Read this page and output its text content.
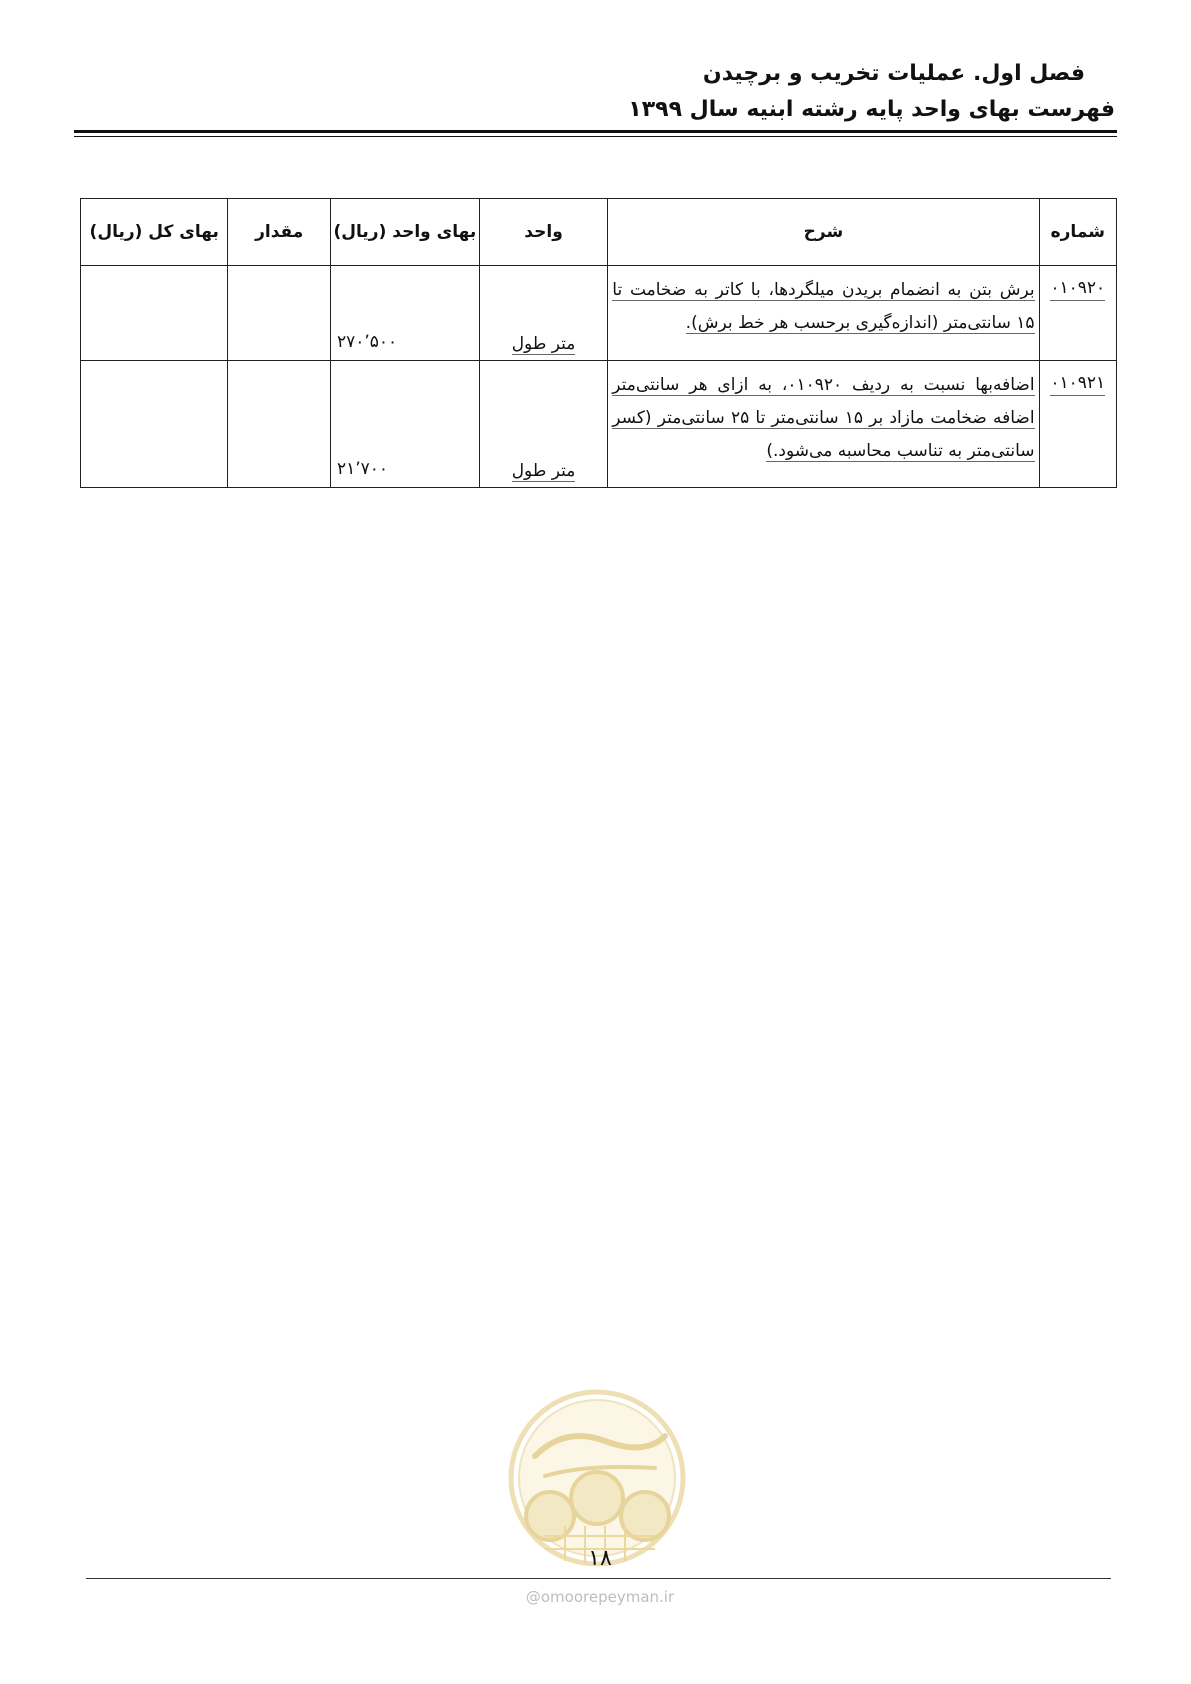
فصل اول. عملیات تخریب و برچیدن
فهرست بهای واحد پایه رشته ابنیه سال ۱۳۹۹
شماره	شرح	واحد	بهای واحد (ریال)	مقدار	بهای کل (ریال)
۰۱۰۹۲۰	برش بتن به انضمام بریدن میلگردها، با کاتر به ضخامت تا ۱۵ سانتی‌متر (اندازه‌گیری برحسب هر خط برش).	متر طول	۲۷۰٬۵۰۰		
۰۱۰۹۲۱	اضافه‌بها نسبت به ردیف ۰۱۰۹۲۰، به ازای هر سانتی‌متر اضافه ضخامت مازاد بر ۱۵ سانتی‌متر تا ۲۵ سانتی‌متر (کسر سانتی‌متر به تناسب محاسبه می‌شود.)	متر طول	۲۱٬۷۰۰		
۱۸
@omoorepeyman.ir
